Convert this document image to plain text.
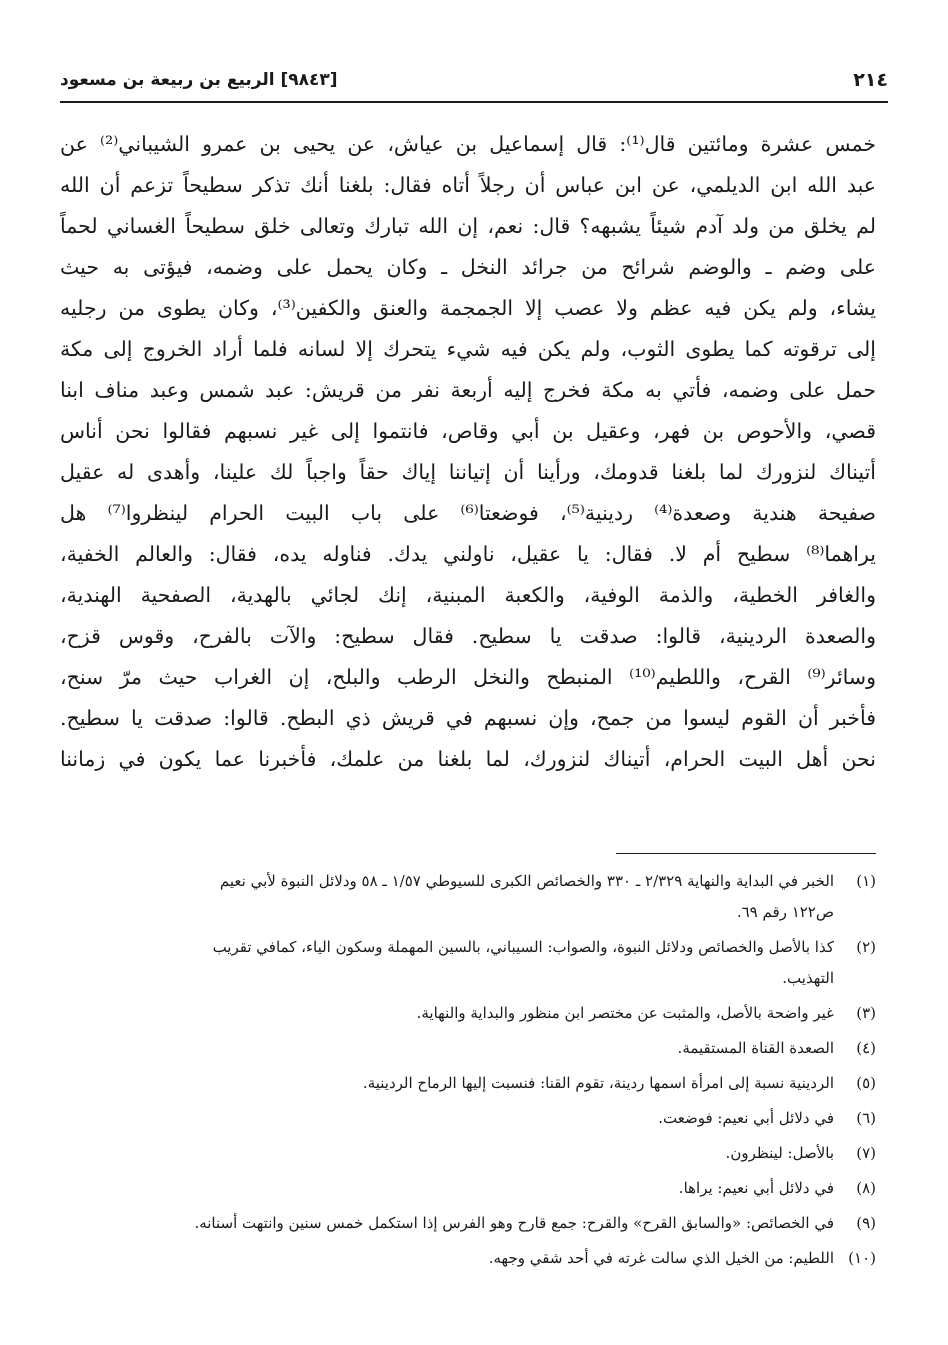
٢١٤
[٩٨٤٣] الربيع بن ربيعة بن مسعود
خمس عشرة ومائتين قال⁽¹⁾: قال إسماعيل بن عياش، عن يحيى بن عمرو الشيباني⁽²⁾ عن
عبد الله ابن الديلمي، عن ابن عباس أن رجلاً أتاه فقال: بلغنا أنك تذكر سطيحاً تزعم أن الله
لم يخلق من ولد آدم شيئاً يشبهه؟ قال: نعم، إن الله تبارك وتعالى خلق سطيحاً الغساني لحماً
على وضم ـ والوضم شرائح من جرائد النخل ـ وكان يحمل على وضمه، فيؤتى به حيث
يشاء، ولم يكن فيه عظم ولا عصب إلا الجمجمة والعنق والكفين⁽³⁾، وكان يطوى من رجليه
إلى ترقوته كما يطوى الثوب، ولم يكن فيه شيء يتحرك إلا لسانه فلما أراد الخروج إلى مكة
حمل على وضمه، فأتي به مكة فخرج إليه أربعة نفر من قريش: عبد شمس وعبد مناف ابنا
قصي، والأحوص بن فهر، وعقيل بن أبي وقاص، فانتموا إلى غير نسبهم فقالوا نحن أناس
أتيناك لنزورك لما بلغنا قدومك، ورأينا أن إتياننا إياك حقاً واجباً لك علينا، وأهدى له عقيل
صفيحة هندية وصعدة⁽⁴⁾ ردينية⁽⁵⁾، فوضعتا⁽⁶⁾ على باب البيت الحرام لينظروا⁽⁷⁾ هل
يراهما⁽⁸⁾ سطيح أم لا. فقال: يا عقيل، ناولني يدك. فناوله يده، فقال: والعالم الخفية،
والغافر الخطية، والذمة الوفية، والكعبة المبنية، إنك لجائي بالهدية، الصفحية الهندية،
والصعدة الردينية، قالوا: صدقت يا سطيح. فقال سطيح: والآت بالفرح، وقوس قزح،
وسائر⁽⁹⁾ القرح، واللطيم⁽¹⁰⁾ المنبطح والنخل الرطب والبلح، إن الغراب حيث مرّ سنح،
فأخبر أن القوم ليسوا من جمح، وإن نسبهم في قريش ذي البطح. قالوا: صدقت يا سطيح.
نحن أهل البيت الحرام، أتيناك لنزورك، لما بلغنا من علمك، فأخبرنا عما يكون في زماننا
(١)
الخبر في البداية والنهاية ٢/٣٢٩ ـ ٣٣٠ والخصائص الكبرى للسيوطي ١/٥٧ ـ ٥٨ ودلائل النبوة لأبي نعيم
ص١٢٢ رقم ٦٩.
(٢)
كذا بالأصل والخصائص ودلائل النبوة، والصواب: السيباني، بالسين المهملة وسكون الياء، كمافي تقريب
التهذيب.
(٣)
غير واضحة بالأصل، والمثبت عن مختصر ابن منظور والبداية والنهاية.
(٤)
الصعدة القناة المستقيمة.
(٥)
الردينية نسبة إلى امرأة اسمها ردينة، تقوم القنا: فنسبت إليها الرماح الردينية.
(٦)
في دلائل أبي نعيم: فوضعت.
(٧)
بالأصل: لينظرون.
(٨)
في دلائل أبي نعيم: يراها.
(٩)
في الخصائص: «والسابق القرح» والقرح: جمع قارح وهو الفرس إذا استكمل خمس سنين وانتهت أسنانه.
(١٠)
اللطيم: من الخيل الذي سالت غرته في أحد شقي وجهه.
